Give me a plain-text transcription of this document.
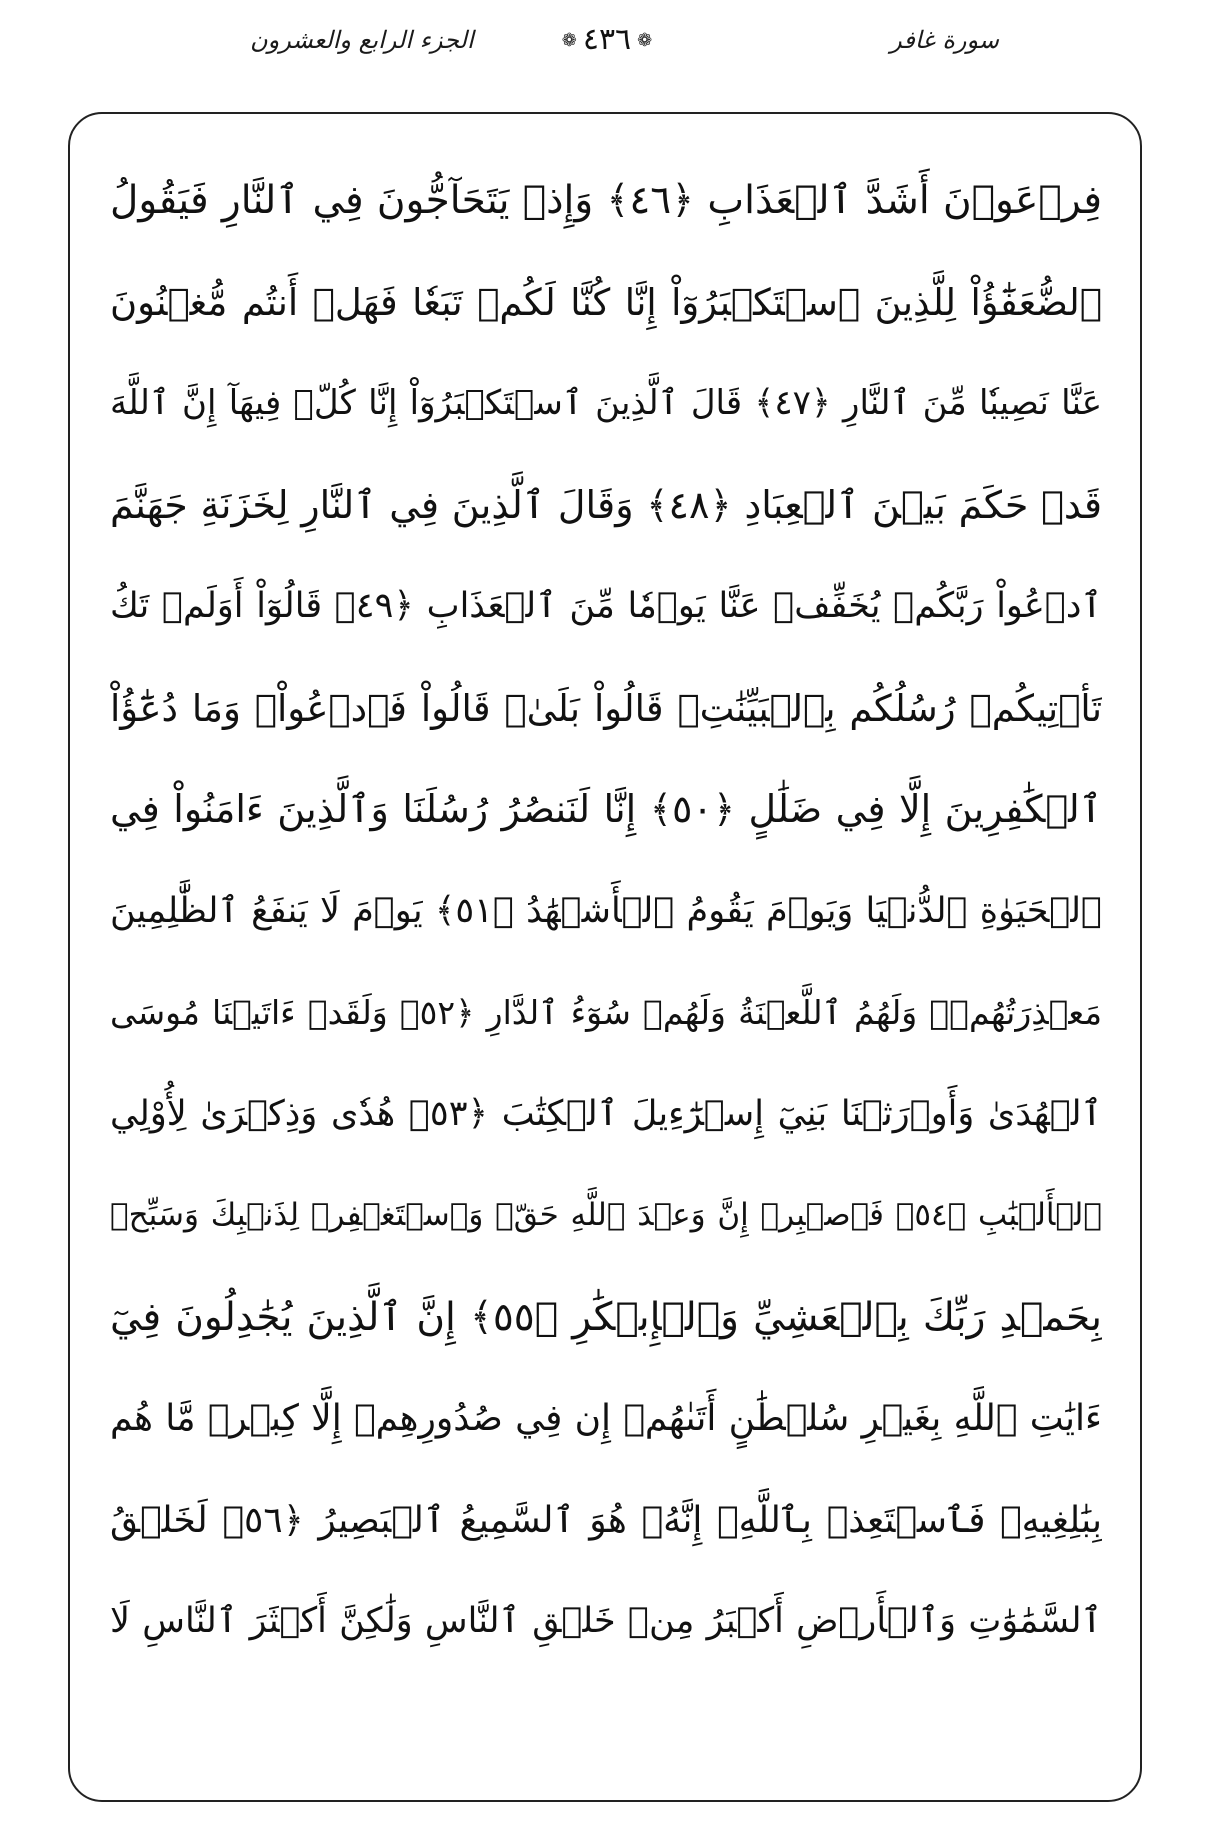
الجزء الرابع والعشرون	❁ ٤٣٦ ❁	سورة غافر
فِرۡعَوۡنَ أَشَدَّ ٱلۡعَذَابِ ﴿٤٦﴾ وَإِذۡ يَتَحَآجُّونَ فِي ٱلنَّارِ فَيَقُولُ
ٱلضُّعَفَٰٓؤُاْ لِلَّذِينَ ٱسۡتَكۡبَرُوٓاْ إِنَّا كُنَّا لَكُمۡ تَبَعٗا فَهَلۡ أَنتُم مُّغۡنُونَ
عَنَّا نَصِيبٗا مِّنَ ٱلنَّارِ ﴿٤٧﴾ قَالَ ٱلَّذِينَ ٱسۡتَكۡبَرُوٓاْ إِنَّا كُلّٞ فِيهَآ إِنَّ ٱللَّهَ
قَدۡ حَكَمَ بَيۡنَ ٱلۡعِبَادِ ﴿٤٨﴾ وَقَالَ ٱلَّذِينَ فِي ٱلنَّارِ لِخَزَنَةِ جَهَنَّمَ
ٱدۡعُواْ رَبَّكُمۡ يُخَفِّفۡ عَنَّا يَوۡمٗا مِّنَ ٱلۡعَذَابِ ﴿٤٩﴾ قَالُوٓاْ أَوَلَمۡ تَكُ
تَأۡتِيكُمۡ رُسُلُكُم بِٱلۡبَيِّنَٰتِۖ قَالُواْ بَلَىٰۚ قَالُواْ فَٱدۡعُواْۗ وَمَا دُعَٰٓؤُاْ
ٱلۡكَٰفِرِينَ إِلَّا فِي ضَلَٰلٍ ﴿٥٠﴾ إِنَّا لَنَنصُرُ رُسُلَنَا وَٱلَّذِينَ ءَامَنُواْ فِي
ٱلۡحَيَوٰةِ ٱلدُّنۡيَا وَيَوۡمَ يَقُومُ ٱلۡأَشۡهَٰدُ ﴿٥١﴾ يَوۡمَ لَا يَنفَعُ ٱلظَّٰلِمِينَ
مَعۡذِرَتُهُمۡۖ وَلَهُمُ ٱللَّعۡنَةُ وَلَهُمۡ سُوٓءُ ٱلدَّارِ ﴿٥٢﴾ وَلَقَدۡ ءَاتَيۡنَا مُوسَى
ٱلۡهُدَىٰ وَأَوۡرَثۡنَا بَنِيٓ إِسۡرَٰٓءِيلَ ٱلۡكِتَٰبَ ﴿٥٣﴾ هُدٗى وَذِكۡرَىٰ لِأُوْلِي
ٱلۡأَلۡبَٰبِ ﴿٥٤﴾ فَٱصۡبِرۡ إِنَّ وَعۡدَ ٱللَّهِ حَقّٞ وَٱسۡتَغۡفِرۡ لِذَنۢبِكَ وَسَبِّحۡ
بِحَمۡدِ رَبِّكَ بِٱلۡعَشِيِّ وَٱلۡإِبۡكَٰرِ ﴿٥٥﴾ إِنَّ ٱلَّذِينَ يُجَٰدِلُونَ فِيٓ
ءَايَٰتِ ٱللَّهِ بِغَيۡرِ سُلۡطَٰنٍ أَتَىٰهُمۡ إِن فِي صُدُورِهِمۡ إِلَّا كِبۡرٞ مَّا هُم
بِبَٰلِغِيهِۚ فَٱسۡتَعِذۡ بِٱللَّهِۖ إِنَّهُۥ هُوَ ٱلسَّمِيعُ ٱلۡبَصِيرُ ﴿٥٦﴾ لَخَلۡقُ
ٱلسَّمَٰوَٰتِ وَٱلۡأَرۡضِ أَكۡبَرُ مِنۡ خَلۡقِ ٱلنَّاسِ وَلَٰكِنَّ أَكۡثَرَ ٱلنَّاسِ لَا
